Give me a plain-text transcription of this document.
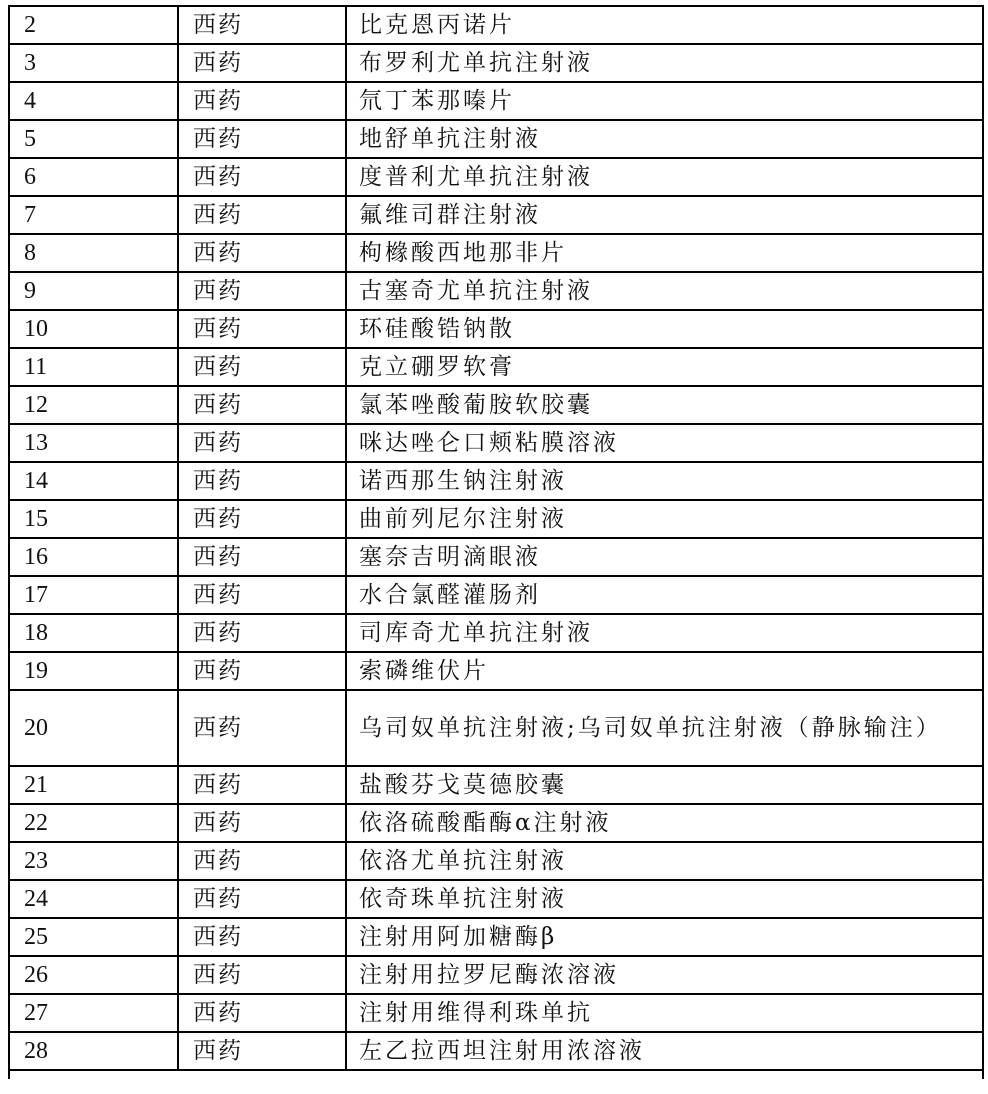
2	西药	比克恩丙诺片
3	西药	布罗利尤单抗注射液
4	西药	氘丁苯那嗪片
5	西药	地舒单抗注射液
6	西药	度普利尤单抗注射液
7	西药	氟维司群注射液
8	西药	枸橼酸西地那非片
9	西药	古塞奇尤单抗注射液
10	西药	环硅酸锆钠散
11	西药	克立硼罗软膏
12	西药	氯苯唑酸葡胺软胶囊
13	西药	咪达唑仑口颊粘膜溶液
14	西药	诺西那生钠注射液
15	西药	曲前列尼尔注射液
16	西药	塞奈吉明滴眼液
17	西药	水合氯醛灌肠剂
18	西药	司库奇尤单抗注射液
19	西药	索磷维伏片
20	西药	乌司奴单抗注射液;乌司奴单抗注射液（静脉输注）
21	西药	盐酸芬戈莫德胶囊
22	西药	依洛硫酸酯酶α注射液
23	西药	依洛尤单抗注射液
24	西药	依奇珠单抗注射液
25	西药	注射用阿加糖酶β
26	西药	注射用拉罗尼酶浓溶液
27	西药	注射用维得利珠单抗
28	西药	左乙拉西坦注射用浓溶液
